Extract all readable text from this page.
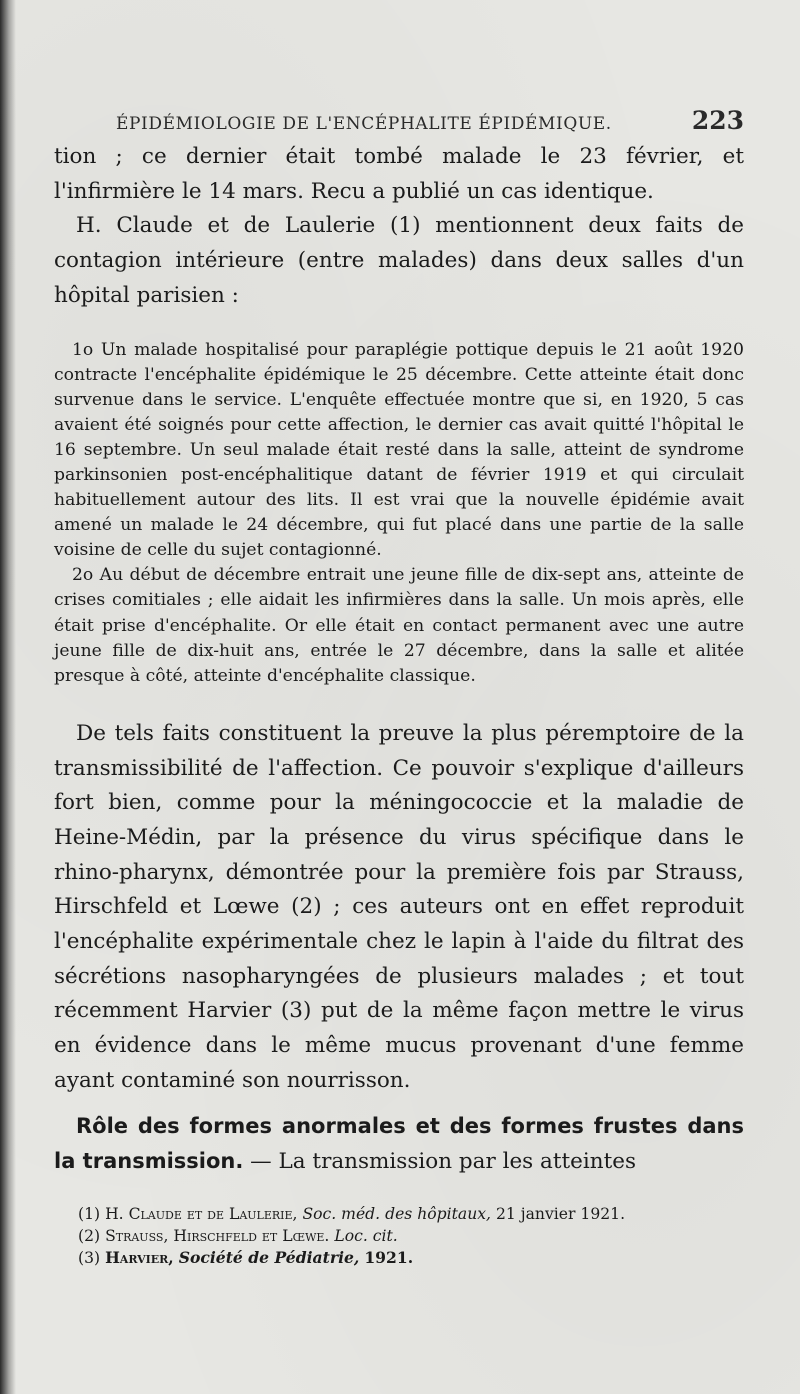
ÉPIDÉMIOLOGIE DE L'ENCÉPHALITE ÉPIDÉMIQUE.	223

tion ; ce dernier était tombé malade le 23 février, et l'infirmière le 14 mars. Recu a publié un cas identique.

H. Claude et de Laulerie (1) mentionnent deux faits de contagion intérieure (entre malades) dans deux salles d'un hôpital parisien :

1o Un malade hospitalisé pour paraplégie pottique depuis le 21 août 1920 contracte l'encéphalite épidémique le 25 décembre. Cette atteinte était donc survenue dans le service. L'enquête effectuée montre que si, en 1920, 5 cas avaient été soignés pour cette affection, le dernier cas avait quitté l'hôpital le 16 septembre. Un seul malade était resté dans la salle, atteint de syndrome parkinsonien post-encéphalitique datant de février 1919 et qui circulait habituellement autour des lits. Il est vrai que la nouvelle épidémie avait amené un malade le 24 décembre, qui fut placé dans une partie de la salle voisine de celle du sujet contagionné.

2o Au début de décembre entrait une jeune fille de dix-sept ans, atteinte de crises comitiales ; elle aidait les infirmières dans la salle. Un mois après, elle était prise d'encéphalite. Or elle était en contact permanent avec une autre jeune fille de dix-huit ans, entrée le 27 décembre, dans la salle et alitée presque à côté, atteinte d'encéphalite classique.

De tels faits constituent la preuve la plus péremptoire de la transmissibilité de l'affection. Ce pouvoir s'explique d'ailleurs fort bien, comme pour la méningococcie et la maladie de Heine-Médin, par la présence du virus spécifique dans le rhino-pharynx, démontrée pour la première fois par Strauss, Hirschfeld et Lœwe (2) ; ces auteurs ont en effet reproduit l'encéphalite expérimentale chez le lapin à l'aide du filtrat des sécrétions nasopharyngées de plusieurs malades ; et tout récemment Harvier (3) put de la même façon mettre le virus en évidence dans le même mucus provenant d'une femme ayant contaminé son nourrisson.

Rôle des formes anormales et des formes frustes dans la transmission. — La transmission par les atteintes

(1) H. Claude et de Laulerie, Soc. méd. des hôpitaux, 21 janvier 1921.
(2) Strauss, Hirschfeld et Lœwe. Loc. cit.
(3) Harvier, Société de Pédiatrie, 1921.
